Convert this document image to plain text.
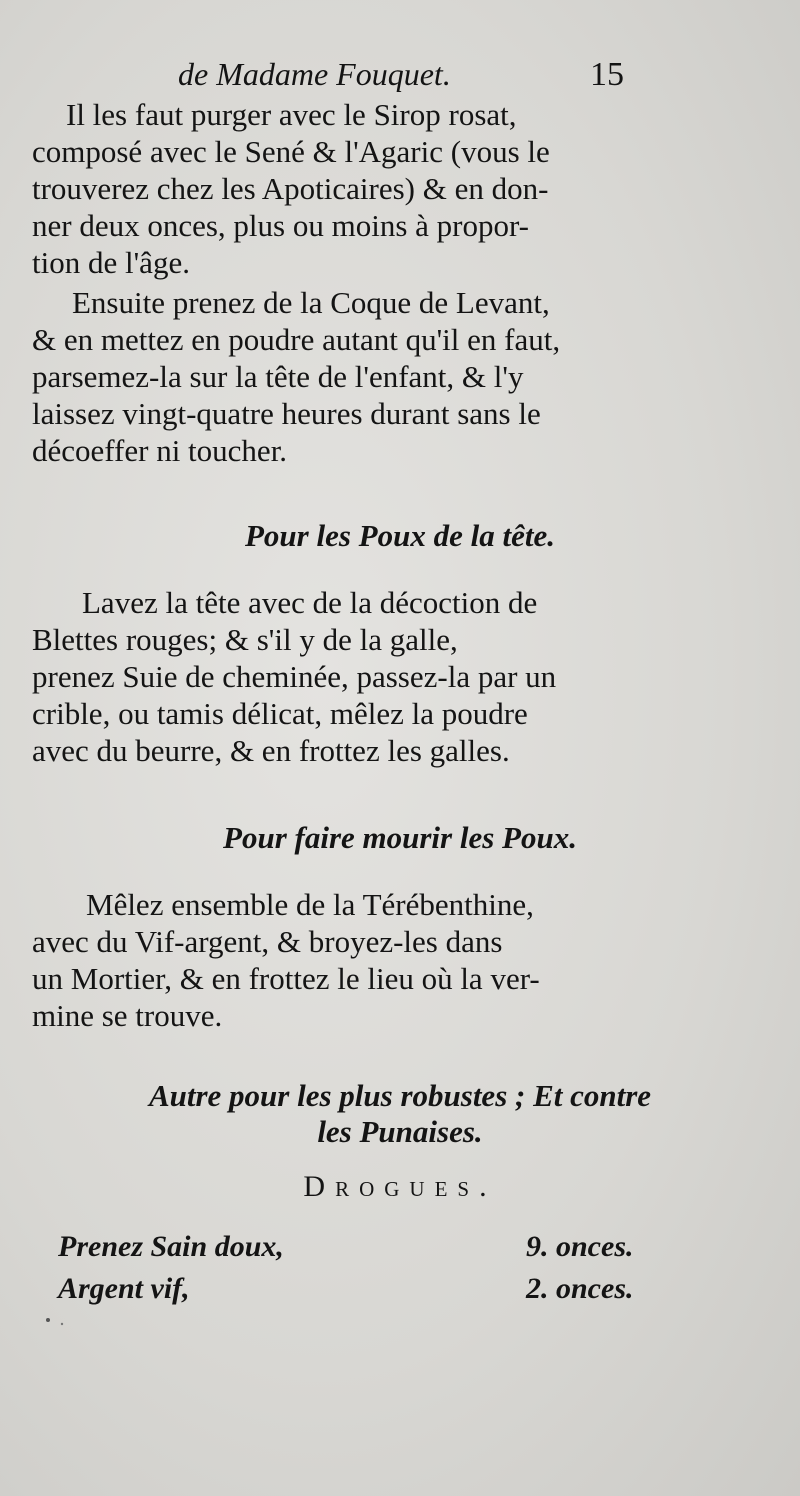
de Madame Fouquet.	15

Il les faut purger avec le Sirop rosat,
composé avec le Sené & l'Agaric (vous le
trouverez chez les Apoticaires) & en don-
ner deux onces, plus ou moins à propor-
tion de l'âge.

Ensuite prenez de la Coque de Levant,
& en mettez en poudre autant qu'il en faut,
parsemez-la sur la tête de l'enfant, & l'y
laissez vingt-quatre heures durant sans le
décoeffer ni toucher.

Pour les Poux de la tête.

Lavez la tête avec de la décoction de
Blettes rouges; & s'il y de la galle,
prenez Suie de cheminée, passez-la par un
crible, ou tamis délicat, mêlez la poudre
avec du beurre, & en frottez les galles.

Pour faire mourir les Poux.

Mêlez ensemble de la Térébenthine,
avec du Vif-argent, & broyez-les dans
un Mortier, & en frottez le lieu où la ver-
mine se trouve.

Autre pour les plus robustes ; Et contre
les Punaises.
Drogues.
Prenez Sain doux,	9. onces.
Argent vif,	2. onces.
